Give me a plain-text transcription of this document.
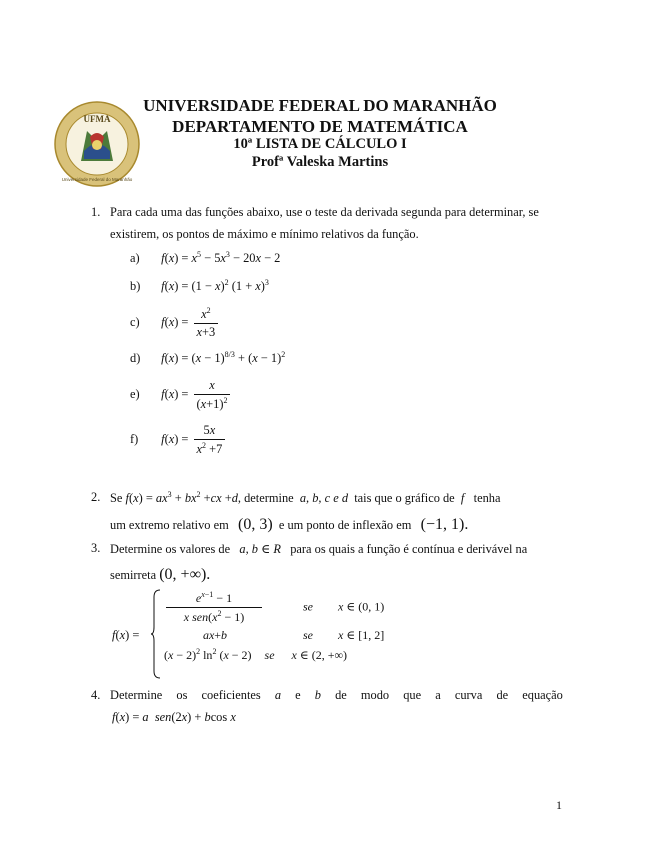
UFMA
Universidade Federal do Maranhão
UNIVERSIDADE FEDERAL DO MARANHÃO
DEPARTAMENTO DE MATEMÁTICA
10ª LISTA DE CÁLCULO I
Profª Valeska Martins
1. Para cada uma das funções abaixo, use o teste da derivada segunda para determinar, se
existirem, os pontos de máximo e mínimo relativos da função.
a) $f(x) = x^5 - 5x^3 - 20x - 2$
b) $f(x) = (1 - x)^2$ $(1 + x)^3$
c) $f(x) = \frac{x^2}{x+3}$
d) $f(x) = (x - 1)^{8/3} + (x - 1)^2$
e) $f(x) = \frac{x}{(x+1)^2}$
f) $f(x) = \frac{5x}{x^2 +7}$
2. Se $f(x) = ax^3 + bx^2 +cx +d$, determine a, b, c e d tais que o gráfico de f tenha
um extremo relativo em (0, 3) e um ponto de inflexão em (−1, 1).
3. Determine os valores de a, b ∈ R para os quais a função é contínua e derivável na
semirreta (0, +∞).
f(x) =
$\frac{e^{x-1} - 1}{x sen(x^2 - 1)}$	se x ∈ (0, 1)
ax+b	se x ∈ [1, 2]
$(x - 2)^2$ $\ln^2 (x - 2)$ se x ∈ (2, +∞)
4. Determine os coeficientes a e b de modo que a curva de equação
f(x) = a sen(2x) + bcos x
1
